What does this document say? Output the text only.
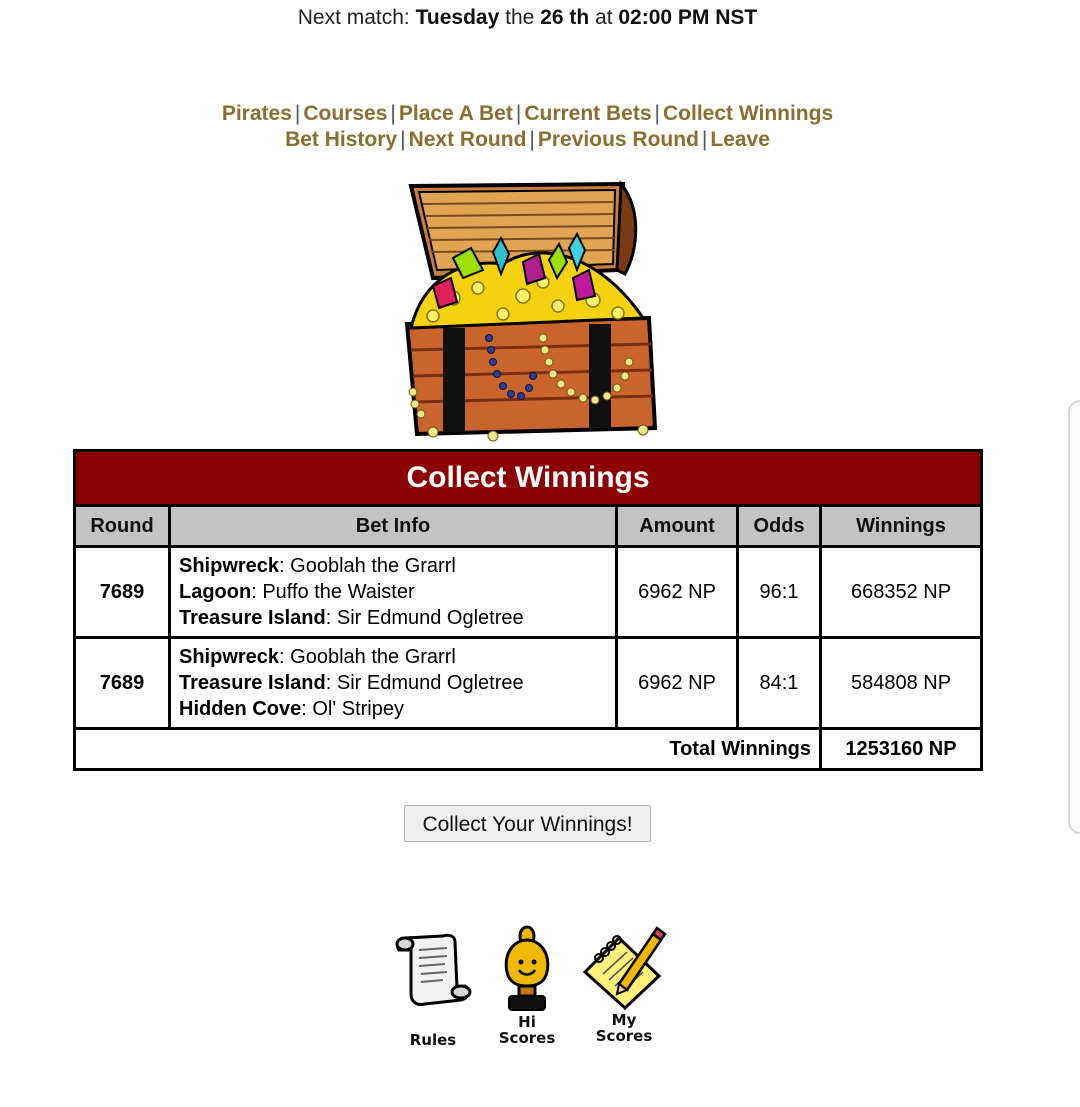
Next match: Tuesday the 26 th at 02:00 PM NST
Pirates | Courses | Place A Bet | Current Bets | Collect Winnings
Bet History | Next Round | Previous Round | Leave
Collect Winnings				
Round	Bet Info	Amount	Odds	Winnings
7689	Shipwreck: Gooblah the Grarrl
Lagoon: Puffo the Waister
Treasure Island: Sir Edmund Ogletree	6962 NP	96:1	668352 NP
7689	Shipwreck: Gooblah the Grarrl
Treasure Island: Sir Edmund Ogletree
Hidden Cove: Ol' Stripey	6962 NP	84:1	584808 NP
Total Winnings				1253160 NP
Collect Your Winnings!
Rules
Hi
Scores
My
Scores
